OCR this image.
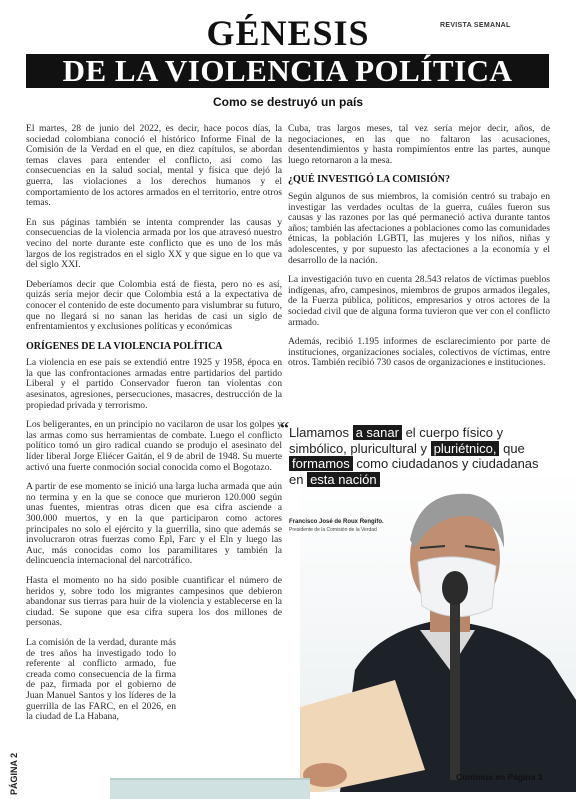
REVISTA SEMANAL
GÉNESIS
DE LA VIOLENCIA POLÍTICA
Como se destruyó un país

El martes, 28 de junio del 2022, es decir, hace pocos días, la sociedad colombiana conoció el histórico Informe Final de la Comisión de la Verdad en el que, en diez capítulos, se abordan temas claves para entender el conflicto, así como las consecuencias en la salud social, mental y física que dejó la guerra, las violaciones a los derechos humanos y el comportamiento de los actores armados en el territorio, entre otros temas.

En sus páginas también se intenta comprender las causas y consecuencias de la violencia armada por los que atravesó nuestro vecino del norte durante este conflicto que es uno de los más largos de los registrados en el siglo XX y que sigue en lo que va del siglo XXI.

Deberíamos decir que Colombia está de fiesta, pero no es así, quizás sería mejor decir que Colombia está a la expectativa de conocer el contenido de este documento para vislumbrar su futuro, que no llegará si no sanan las heridas de casi un siglo de enfrentamientos y exclusiones políticas y económicas

ORÍGENES DE LA VIOLENCIA POLÍTICA

La violencia en ese país se extendió entre 1925 y 1958, época en la que las confrontaciones armadas entre partidarios del partido Liberal y el partido Conservador fueron tan violentas con asesinatos, agresiones, persecuciones, masacres, destrucción de la propiedad privada y terrorismo.

Los beligerantes, en un principio no vacilaron de usar los golpes y las armas como sus herramientas de combate. Luego el conflicto político tomó un giro radical cuando se produjo el asesinato del líder liberal Jorge Eliécer Gaitán, el 9 de abril de 1948. Su muerte activó una fuerte conmoción social conocida como el Bogotazo.

A partir de ese momento se inició una larga lucha armada que aún no termina y en la que se conoce que murieron 120.000 según unas fuentes, mientras otras dicen que esa cifra asciende a 300.000 muertos, y en la que participaron como actores principales no solo el ejército y la guerrilla, sino que además se involucraron otras fuerzas como Epl, Farc y el Eln y luego las Auc, más conocidas como los paramilitares y también la delincuencia internacional del narcotráfico.

Hasta el momento no ha sido posible cuantificar el número de heridos y, sobre todo los migrantes campesinos que debieron abandonar sus tierras para huir de la violencia y establecerse en la ciudad. Se supone que esa cifra supera los dos millones de personas.

La comisión de la verdad, durante más de tres años ha investigado todo lo referente al conflicto armado, fue creada como consecuencia de la firma de paz, firmada por el gobierno de Juan Manuel Santos y los líderes de la guerrilla de las FARC, en el 2026, en la ciudad de La Habana,

Cuba, tras largos meses, tal vez sería mejor decir, años, de negociaciones, en las que no faltaron las acusaciones, desentendimientos y hasta rompimientos entre las partes, aunque luego retornaron a la mesa.

¿QUÉ INVESTIGÓ LA COMISIÓN?

Según algunos de sus miembros, la comisión centró su trabajo en investigar las verdades ocultas de la guerra, cuáles fueron sus causas y las razones por las qué permaneció activa durante tantos años; también las afectaciones a poblaciones como las comunidades étnicas, la población LGBTI, las mujeres y los niños, niñas y adolescentes, y por supuesto las afectaciones a la economía y el desarrollo de la nación.

La investigación tuvo en cuenta 28.543 relatos de víctimas pueblos indígenas, afro, campesinos, miembros de grupos armados ilegales, de la Fuerza pública, políticos, empresarios y otros actores de la sociedad civil que de alguna forma tuvieron que ver con el conflicto armado.

Además, recibió 1.195 informes de esclarecimiento por parte de instituciones, organizaciones sociales, colectivos de víctimas, entre otros. También recibió 730 casos de organizaciones e instituciones.

“ Llamamos a sanar el cuerpo físico y simbólico, pluricultural y pluriétnico, que formamos como ciudadanos y ciudadanas en esta nación
Francisco José de Roux Rengifo.
Presidente de la Comisión de la Verdad
PÁGINA 2	Continúa en Página 3
